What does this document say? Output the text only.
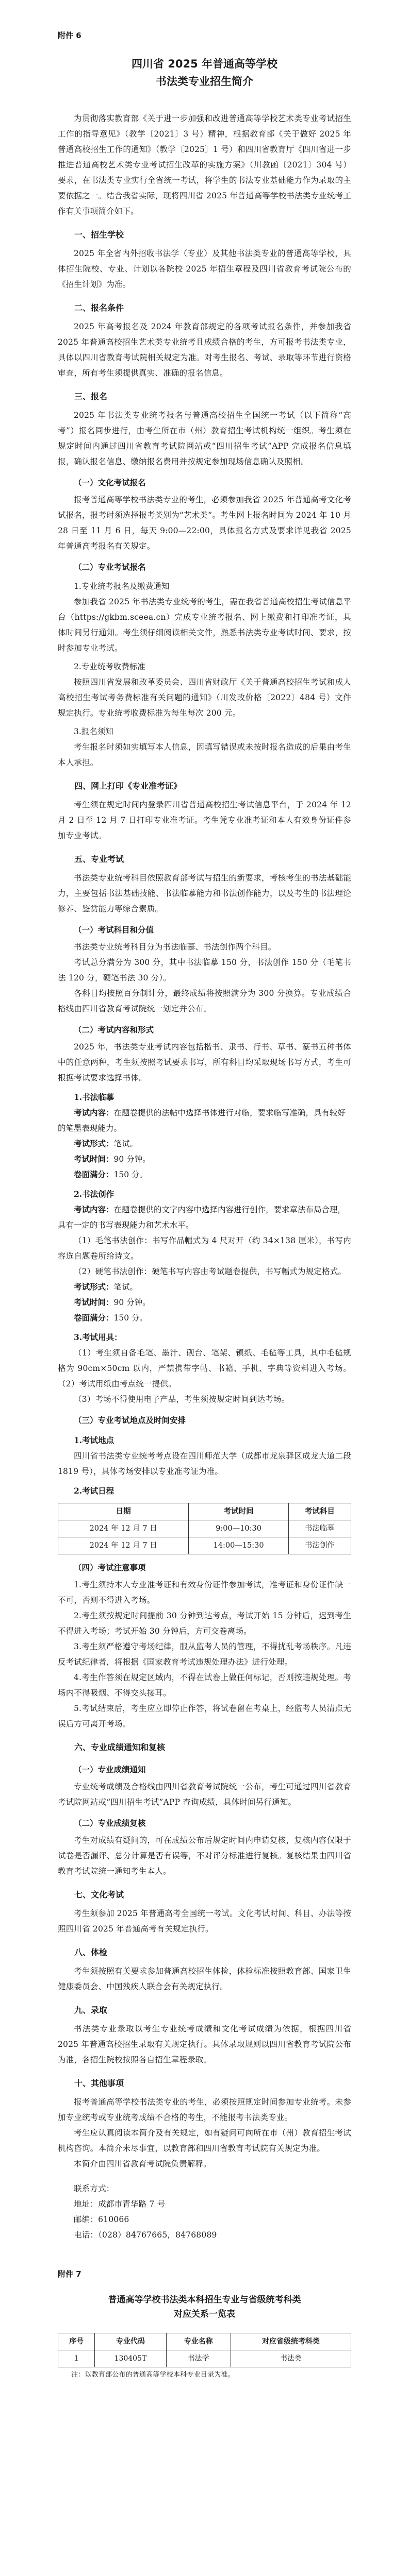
附件 6

四川省 2025 年普通高等学校
书法类专业招生简介

为贯彻落实教育部《关于进一步加强和改进普通高等学校艺术类专业考试招生工作的指导意见》（教学〔2021〕3 号）精神，根据教育部《关于做好 2025 年普通高校招生工作的通知》（教学〔2025〕1 号）和四川省教育厅《四川省进一步推进普通高校艺术类专业考试招生改革的实施方案》（川教函〔2021〕304 号）要求，在书法类专业实行全省统一考试，将学生的书法专业基础能力作为录取的主要依据之一。结合我省实际，现将四川省 2025 年普通高等学校书法类专业统考工作有关事项简介如下。

一、招生学校

2025 年全省内外招收书法学（专业）及其他书法类专业的普通高等学校，具体招生院校、专业、计划以各院校 2025 年招生章程及四川省教育考试院公布的《招生计划》为准。

二、报名条件

2025 年高考报名及 2024 年教育部规定的各项考试报名条件，并参加我省 2025 年普通高校招生艺术类专业统考且成绩合格的考生，方可报考书法类专业，具体以四川省教育考试院相关规定为准。对考生报名、考试、录取等环节进行资格审查，所有考生须提供真实、准确的报名信息。

三、报名

2025 年书法类专业统考报名与普通高校招生全国统一考试（以下简称“高考”）报名同步进行，由考生所在市（州）教育招生考试机构统一组织。考生须在规定时间内通过四川省教育考试院网站或“四川招生考试”APP 完成报名信息填报，确认报名信息、缴纳报名费用并按规定参加现场信息确认及照相。

（一）文化考试报名

报考普通高等学校书法类专业的考生，必须参加我省 2025 年普通高考文化考试报名，报考时须选择报考类别为“艺术类”。考生网上报名时间为 2024 年 10 月 28 日至 11 月 6 日，每天 9:00—22:00，具体报名方式及要求详见我省 2025 年普通高考报名有关规定。

（二）专业考试报名

1.专业统考报名及缴费通知

参加我省 2025 年书法类专业统考的考生，需在我省普通高校招生考试信息平台（https://gkbm.sceea.cn）完成专业统考报名、网上缴费和打印准考证，具体时间另行通知。考生须仔细阅读相关文件，熟悉书法类专业考试时间、要求，按时参加专业考试。

2.专业统考收费标准

按照四川省发展和改革委员会、四川省财政厅《关于普通高校招生考试和成人高校招生考试考务费标准有关问题的通知》（川发改价格〔2022〕484 号）文件规定执行。专业统考收费标准为每生每次 200 元。

3.报名须知

考生报名时须如实填写本人信息，因填写错误或未按时报名造成的后果由考生本人承担。

四、网上打印《专业准考证》

考生须在规定时间内登录四川省普通高校招生考试信息平台，于 2024 年 12 月 2 日至 12 月 7 日打印专业准考证。考生凭专业准考证和本人有效身份证件参加专业考试。

五、专业考试

书法类专业统考科目依照教育部考试与招生的新要求，考核考生的书法基础能力，主要包括书法基础技能、书法临摹能力和书法创作能力，以及考生的书法理论修养、鉴赏能力等综合素质。

（一）考试科目和分值

书法类专业统考科目分为书法临摹、书法创作两个科目。

考试总分满分为 300 分，其中书法临摹 150 分，书法创作 150 分（毛笔书法 120 分，硬笔书法 30 分）。

各科目均按照百分制计分，最终成绩将按照满分为 300 分换算。专业成绩合格线由四川省教育考试院统一划定并公布。

（二）考试内容和形式

2025 年，书法类专业考试内容包括楷书、隶书、行书、草书、篆书五种书体中的任意两种，考生须按照考试要求书写，所有科目均采取现场书写方式，考生可根据考试要求选择书体。

1.书法临摹

考试内容：在题卷提供的法帖中选择书体进行对临，要求临写准确，具有较好的笔墨表现能力。

考试形式：笔试。

考试时间：90 分钟。

卷面满分：150 分。

2.书法创作

考试内容：在题卷提供的文字内容中选择内容进行创作，要求章法布局合理，具有一定的书写表现能力和艺术水平。

（1）毛笔书法创作：书写作品幅式为 4 尺对开（约 34×138 厘米），书写内容选自题卷所给诗文。

（2）硬笔书法创作：硬笔书写内容由考试题卷提供，书写幅式为规定格式。

考试形式：笔试。

考试时间：90 分钟。

卷面满分：150 分。

3.考试用具：

（1）考生须自备毛笔、墨汁、砚台、笔架、镇纸、毛毡等工具，其中毛毡规格为 90cm×50cm 以内，严禁携带字帖、书籍、手机、字典等资料进入考场。（2）考试用纸由考点统一提供。

（3）考场不得使用电子产品，考生须按规定时间到达考场。

（三）专业考试地点及时间安排

1.考试地点

四川省书法类专业统考考点设在四川师范大学（成都市龙泉驿区成龙大道二段 1819 号），具体考场安排以专业准考证为准。

2.考试日程

日期	考试时间	考试科目
2024 年 12 月 7 日	9:00—10:30	书法临摹
2024 年 12 月 7 日	14:00—15:30	书法创作

（四）考试注意事项

1.考生须持本人专业准考证和有效身份证件参加考试，准考证和身份证件缺一不可，否则不得进入考场。

2.考生须按规定时间提前 30 分钟到达考点，考试开始 15 分钟后，迟到考生不得进入考场；考试开始 30 分钟后，方可交卷离场。

3.考生须严格遵守考场纪律，服从监考人员的管理，不得扰乱考场秩序。凡违反考试纪律者，将根据《国家教育考试违规处理办法》进行处理。

4.考生作答须在规定区域内，不得在试卷上做任何标记，否则按违规处理。考场内不得吸烟、不得交头接耳。

5.考试结束后，考生应立即停止作答，将试卷留在考桌上，经监考人员清点无误后方可离开考场。

六、专业成绩通知和复核

（一）专业成绩通知

专业统考成绩及合格线由四川省教育考试院统一公布，考生可通过四川省教育考试院网站或“四川招生考试”APP 查询成绩，具体时间另行通知。

（二）专业成绩复核

考生对成绩有疑问的，可在成绩公布后规定时间内申请复核，复核内容仅限于试卷是否漏评、总分计算是否有误等，不对评分标准进行复核。复核结果由四川省教育考试院统一通知考生本人。

七、文化考试

考生须参加 2025 年普通高考全国统一考试。文化考试时间、科目、办法等按照四川省 2025 年普通高考有关规定执行。

八、体检

考生须按照有关要求参加普通高校招生体检，体检标准按照教育部、国家卫生健康委员会、中国残疾人联合会有关规定执行。

九、录取

书法类专业录取以考生专业统考成绩和文化考试成绩为依据，根据四川省 2025 年普通高校招生录取有关规定执行。具体录取规则以四川省教育考试院公布为准，各招生院校按照各自招生章程录取。

十、其他事项

报考普通高等学校书法类专业的考生，必须按照规定时间参加专业统考。未参加专业统考或专业统考成绩不合格的考生，不能报考书法类专业。

考生应认真阅读本简介及有关规定，如有疑问可向所在市（州）教育招生考试机构咨询。本简介未尽事宜，以教育部和四川省教育考试院有关规定为准。

本简介由四川省教育考试院负责解释。

联系方式：

地址：成都市青华路 7 号

邮编：610066

电话：（028）84767665，84768089

附件 7

普通高等学校书法类本科招生专业与省级统考科类

对应关系一览表

序号	专业代码	专业名称	对应省级统考科类
1	130405T	书法学	书法类

注：以教育部公布的普通高等学校本科专业目录为准。
